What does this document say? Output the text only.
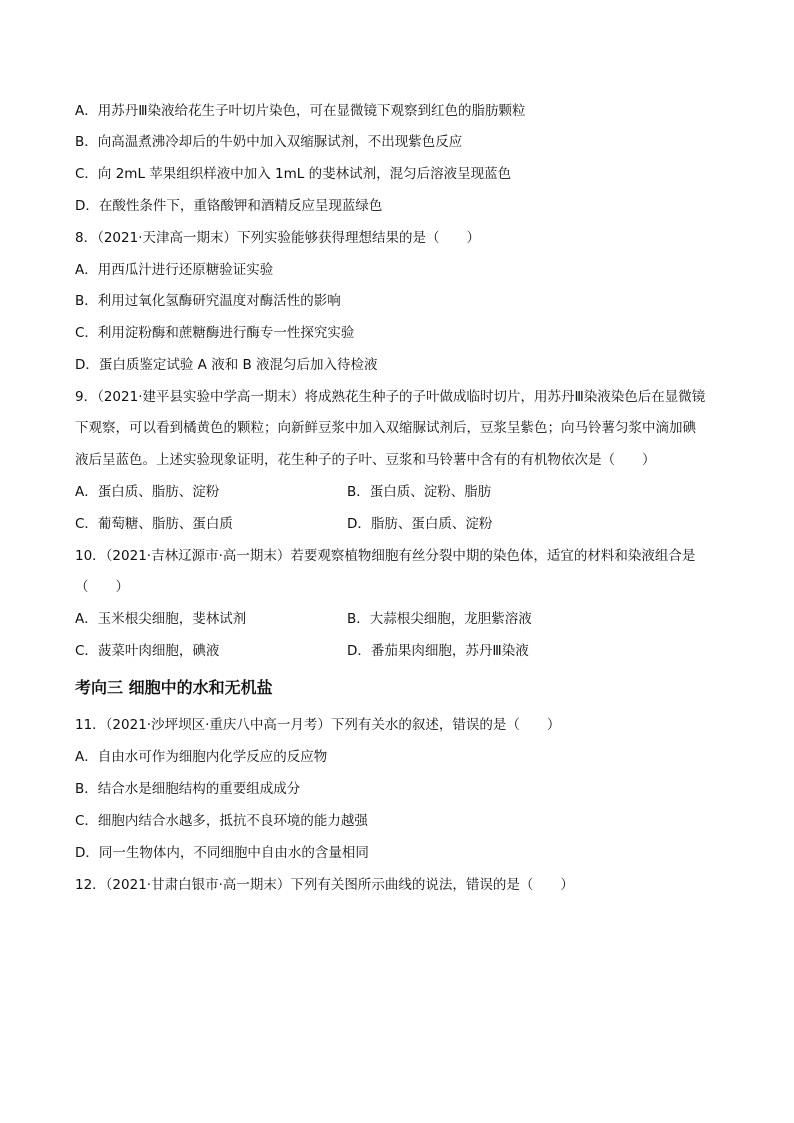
A．用苏丹Ⅲ染液给花生子叶切片染色，可在显微镜下观察到红色的脂肪颗粒
B．向高温煮沸冷却后的牛奶中加入双缩脲试剂，不出现紫色反应
C．向 2mL 苹果组织样液中加入 1mL 的斐林试剂，混匀后溶液呈现蓝色
D．在酸性条件下，重铬酸钾和酒精反应呈现蓝绿色
8．（2021·天津高一期末）下列实验能够获得理想结果的是（　　）
A．用西瓜汁进行还原糖验证实验
B．利用过氧化氢酶研究温度对酶活性的影响
C．利用淀粉酶和蔗糖酶进行酶专一性探究实验
D．蛋白质鉴定试验 A 液和 B 液混匀后加入待检液
9．（2021·建平县实验中学高一期末）将成熟花生种子的子叶做成临时切片，用苏丹Ⅲ染液染色后在显微镜
下观察，可以看到橘黄色的颗粒；向新鲜豆浆中加入双缩脲试剂后，豆浆呈紫色；向马铃薯匀浆中滴加碘
液后呈蓝色。上述实验现象证明，花生种子的子叶、豆浆和马铃薯中含有的有机物依次是（　　）
A．蛋白质、脂肪、淀粉	B．蛋白质、淀粉、脂肪
C．葡萄糖、脂肪、蛋白质	D．脂肪、蛋白质、淀粉
10．（2021·吉林辽源市·高一期末）若要观察植物细胞有丝分裂中期的染色体，适宜的材料和染液组合是
（　　）
A．玉米根尖细胞，斐林试剂	B．大蒜根尖细胞，龙胆紫溶液
C．菠菜叶肉细胞，碘液	D．番茄果肉细胞，苏丹Ⅲ染液
考向三 细胞中的水和无机盐
11．（2021·沙坪坝区·重庆八中高一月考）下列有关水的叙述，错误的是（　　）
A．自由水可作为细胞内化学反应的反应物
B．结合水是细胞结构的重要组成成分
C．细胞内结合水越多，抵抗不良环境的能力越强
D．同一生物体内，不同细胞中自由水的含量相同
12．（2021·甘肃白银市·高一期末）下列有关图所示曲线的说法，错误的是（　　）
